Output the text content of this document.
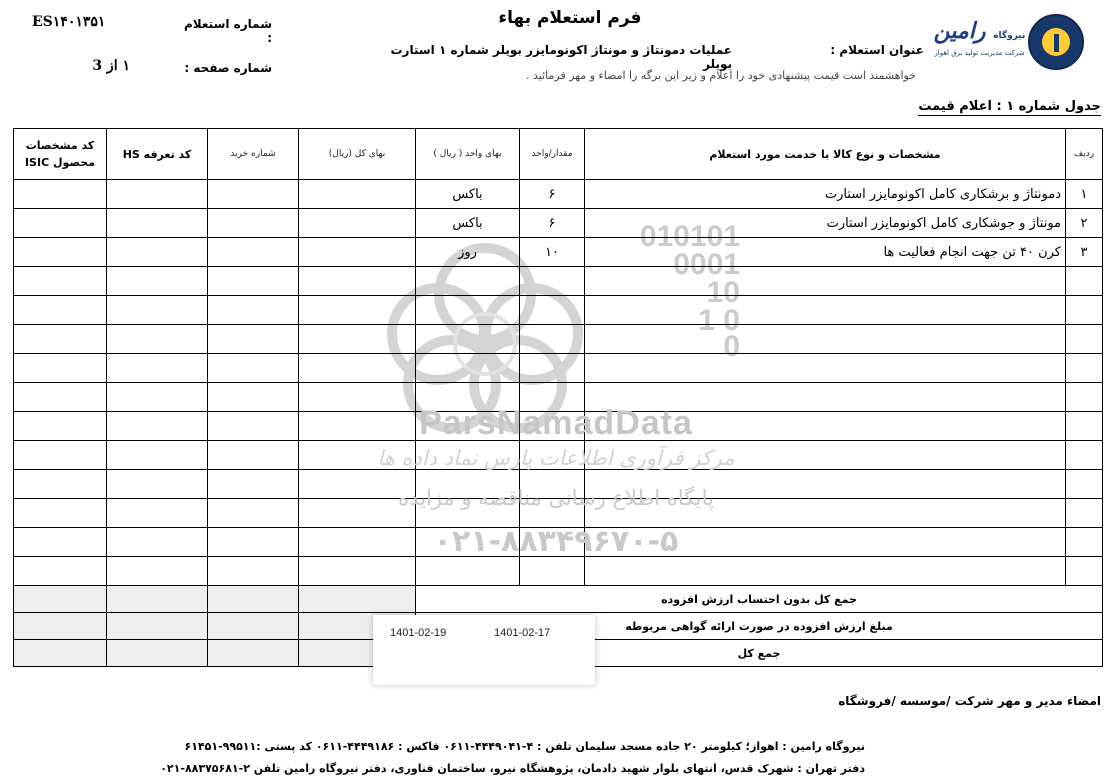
فرم استعلام بهاء
شماره استعلام :
ES۱۴۰۱۳۵۱
شماره صفحه :
۱ از 3
عنوان استعلام :
عملیات دمونتاژ و مونتاژ اکونومایزر بویلر شماره ۱ استارت بویلر
خواهشمند است قیمت پیشنهادی خود را اعلام و زیر این برگه را امضاء و مهر فرمائید .
نیروگاه رامین
شرکت مدیریت تولید برق اهواز
جدول شماره ۱ : اعلام قیمت
010101
0001
10
1 0
0
ردیف	مشخصات و نوع کالا با خدمت مورد استعلام	مقدار/واحد	بهای واحد ( ریال )	بهای کل (ریال)	شماره خرید	کد تعرفه HS	کد مشخصات محصول ISIC
۱	دمونتاژ و برشکاری کامل اکونومایزر استارت	۶	باکس				
۲	مونتاژ و جوشکاری کامل اکونومایزر استارت	۶	باکس				
۳	کرن ۴۰ تن جهت انجام فعالیت ها	۱۰	روز				

جمع کل بدون احتساب ارزش افزوده							
مبلغ ارزش افزوده در صورت ارائه گواهی مربوطه							
جمع کل							
ParsNamadData
مرکز فرآوری اطلاعات پارس نماد داده ها
پایگاه اطلاع رسانی مناقصه و مزایده
۰۲۱-۸۸۳۴۹۶۷۰-۵
1401-02-17
1401-02-19
امضاء مدیر و مهر شرکت /موسسه /فروشگاه
نیروگاه رامین : اهواز؛ کیلومتر ۲۰ جاده مسجد سلیمان تلفن : ۴-۴۴۴۹۰۴۱-۰۶۱۱ فاکس : ۴۴۴۹۱۸۶-۰۶۱۱ کد پستی :۹۹۵۱۱-۶۱۴۵۱
دفتر تهران : شهرک قدس، انتهای بلوار شهید دادمان، پژوهشگاه نیرو، ساختمان فناوری، دفتر نیروگاه رامین تلفن ۲-۸۸۳۷۵۶۸۱-۰۲۱
